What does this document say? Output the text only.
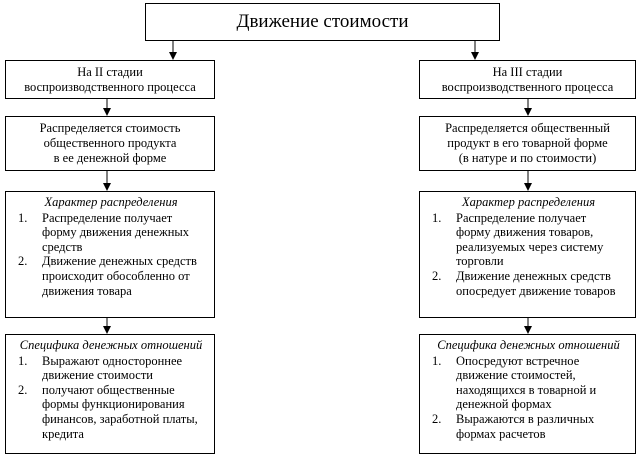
Движение стоимости
На II стадии
воспроизводственного процесса
Распределяется стоимость
общественного продукта
в ее денежной форме
Характер распределения
1. Распределение получает
форму движения денежных
средств
2. Движение денежных средств
происходит обособленно от
движения товара
Специфика денежных отношений
1. Выражают одностороннее
движение стоимости
2. получают общественные
формы функционирования
финансов, заработной платы,
кредита
На III стадии
воспроизводственного процесса
Распределяется общественный
продукт в его товарной форме
(в натуре и по стоимости)
Характер распределения
1. Распределение получает
форму движения товаров,
реализуемых через систему
торговли
2. Движение денежных средств
опосредует движение товаров
Специфика денежных отношений
1. Опосредуют встречное
движение стоимостей,
находящихся в товарной и
денежной формах
2. Выражаются в различных
формах расчетов
